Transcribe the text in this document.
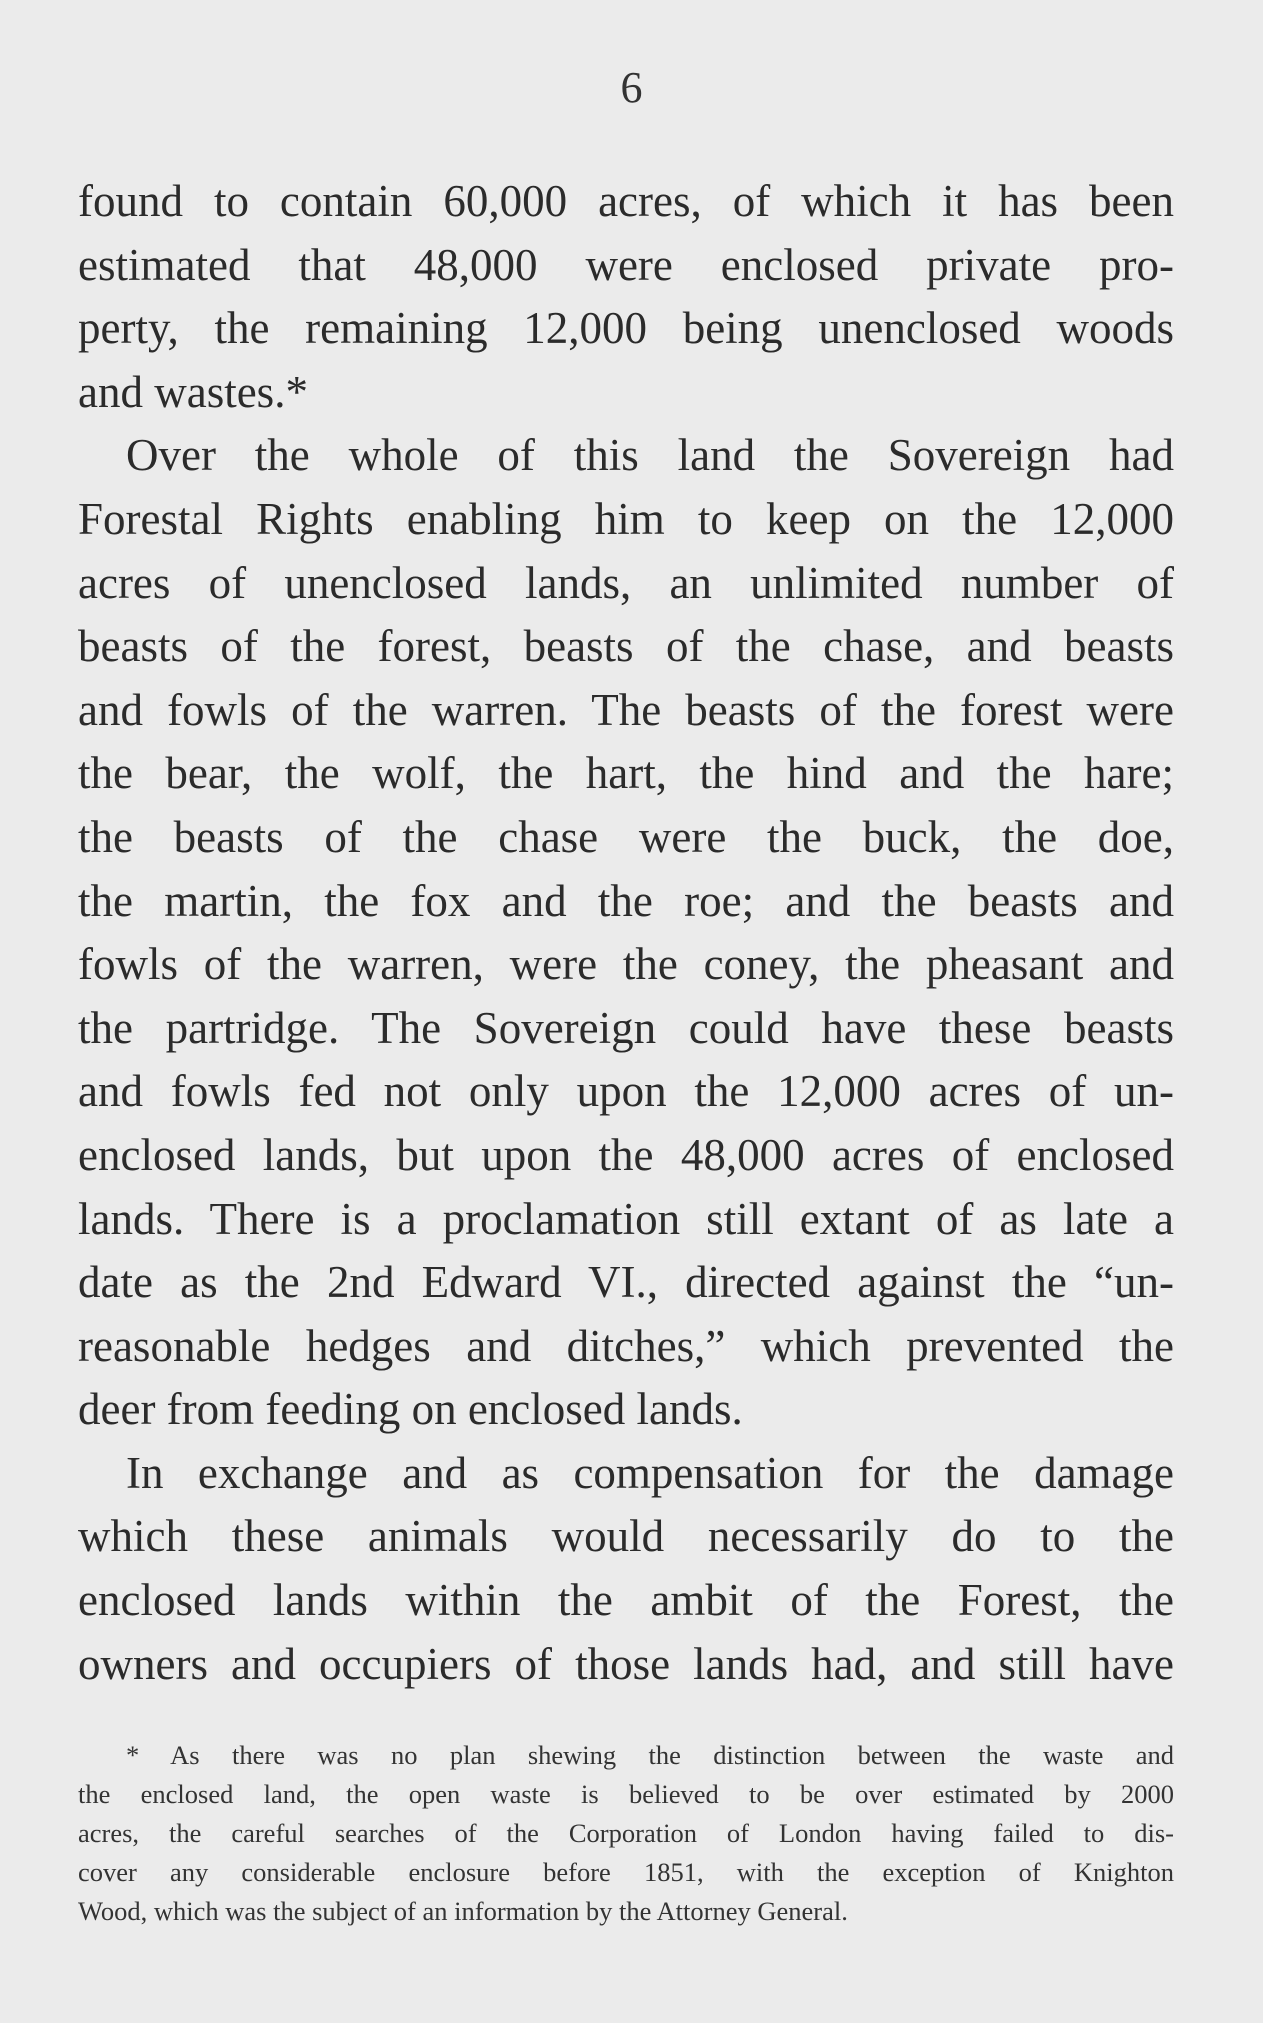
6
found to contain 60,000 acres, of which it has been
estimated that 48,000 were enclosed private pro-
perty, the remaining 12,000 being unenclosed woods
and wastes.*
Over the whole of this land the Sovereign had
Forestal Rights enabling him to keep on the 12,000
acres of unenclosed lands, an unlimited number of
beasts of the forest, beasts of the chase, and beasts
and fowls of the warren. The beasts of the forest were
the bear, the wolf, the hart, the hind and the hare;
the beasts of the chase were the buck, the doe,
the martin, the fox and the roe; and the beasts and
fowls of the warren, were the coney, the pheasant and
the partridge. The Sovereign could have these beasts
and fowls fed not only upon the 12,000 acres of un-
enclosed lands, but upon the 48,000 acres of enclosed
lands. There is a proclamation still extant of as late a
date as the 2nd Edward VI., directed against the “un-
reasonable hedges and ditches,” which prevented the
deer from feeding on enclosed lands.
In exchange and as compensation for the damage
which these animals would necessarily do to the
enclosed lands within the ambit of the Forest, the
owners and occupiers of those lands had, and still have
* As there was no plan shewing the distinction between the waste and
the enclosed land, the open waste is believed to be over estimated by 2000
acres, the careful searches of the Corporation of London having failed to dis-
cover any considerable enclosure before 1851, with the exception of Knighton
Wood, which was the subject of an information by the Attorney General.
